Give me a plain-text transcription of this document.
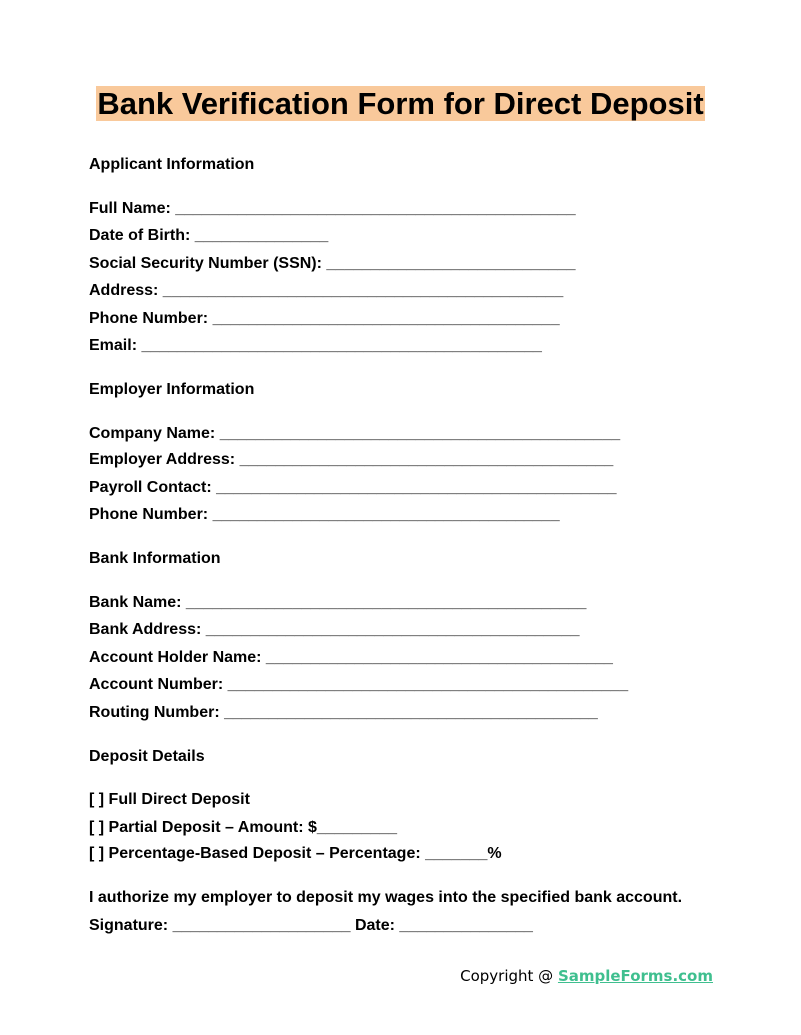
Bank Verification Form for Direct Deposit
Applicant Information
Full Name: _____________________________________________
Date of Birth: _______________
Social Security Number (SSN): ____________________________
Address: _____________________________________________
Phone Number: _______________________________________
Email: _____________________________________________
Employer Information
Company Name: _____________________________________________
Employer Address: __________________________________________
Payroll Contact: _____________________________________________
Phone Number: _______________________________________
Bank Information
Bank Name: _____________________________________________
Bank Address: __________________________________________
Account Holder Name: _______________________________________
Account Number: _____________________________________________
Routing Number: __________________________________________
Deposit Details
[ ] Full Direct Deposit
[ ] Partial Deposit – Amount: $_________
[ ] Percentage-Based Deposit – Percentage: _______%
I authorize my employer to deposit my wages into the specified bank account.
Signature: ____________________ Date: _______________
Copyright @ SampleForms.com
